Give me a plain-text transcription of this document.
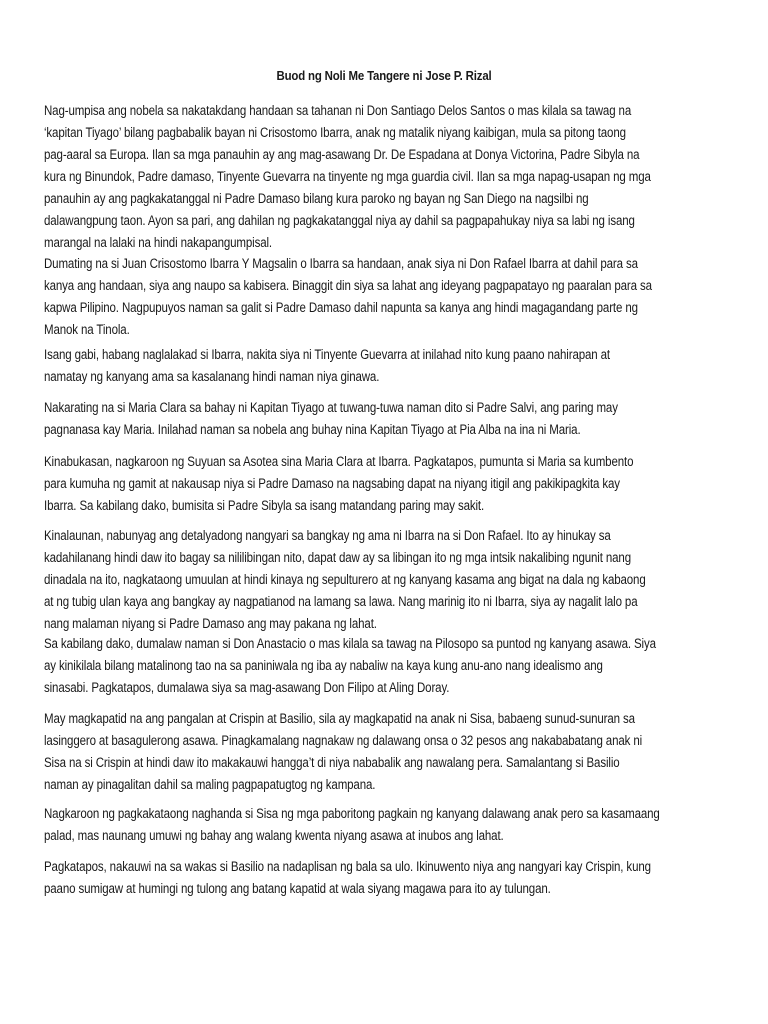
Buod ng Noli Me Tangere ni Jose P. Rizal
Nag-umpisa ang nobela sa nakatakdang handaan sa tahanan ni Don Santiago Delos Santos o mas kilala sa tawag na
‘kapitan Tiyago’ bilang pagbabalik bayan ni Crisostomo Ibarra, anak ng matalik niyang kaibigan, mula sa pitong taong
pag-aaral sa Europa. Ilan sa mga panauhin ay ang mag-asawang Dr. De Espadana at Donya Victorina, Padre Sibyla na
kura ng Binundok, Padre damaso, Tinyente Guevarra na tinyente ng mga guardia civil. Ilan sa mga napag-usapan ng mga
panauhin ay ang pagkakatanggal ni Padre Damaso bilang kura paroko ng bayan ng San Diego na nagsilbi ng
dalawangpung taon. Ayon sa pari, ang dahilan ng pagkakatanggal niya ay dahil sa pagpapahukay niya sa labi ng isang
marangal na lalaki na hindi nakapangumpisal.
Dumating na si Juan Crisostomo Ibarra Y Magsalin o Ibarra sa handaan, anak siya ni Don Rafael Ibarra at dahil para sa
kanya ang handaan, siya ang naupo sa kabisera. Binaggit din siya sa lahat ang ideyang pagpapatayo ng paaralan para sa
kapwa Pilipino. Nagpupuyos naman sa galit si Padre Damaso dahil napunta sa kanya ang hindi magagandang parte ng
Manok na Tinola.
Isang gabi, habang naglalakad si Ibarra, nakita siya ni Tinyente Guevarra at inilahad nito kung paano nahirapan at
namatay ng kanyang ama sa kasalanang hindi naman niya ginawa.
Nakarating na si Maria Clara sa bahay ni Kapitan Tiyago at tuwang-tuwa naman dito si Padre Salvi, ang paring may
pagnanasa kay Maria. Inilahad naman sa nobela ang buhay nina Kapitan Tiyago at Pia Alba na ina ni Maria.
Kinabukasan, nagkaroon ng Suyuan sa Asotea sina Maria Clara at Ibarra. Pagkatapos, pumunta si Maria sa kumbento
para kumuha ng gamit at nakausap niya si Padre Damaso na nagsabing dapat na niyang itigil ang pakikipagkita kay
Ibarra. Sa kabilang dako, bumisita si Padre Sibyla sa isang matandang paring may sakit.
Kinalaunan, nabunyag ang detalyadong nangyari sa bangkay ng ama ni Ibarra na si Don Rafael. Ito ay hinukay sa
kadahilanang hindi daw ito bagay sa nililibingan nito, dapat daw ay sa libingan ito ng mga intsik nakalibing ngunit nang
dinadala na ito, nagkataong umuulan at hindi kinaya ng sepulturero at ng kanyang kasama ang bigat na dala ng kabaong
at ng tubig ulan kaya ang bangkay ay nagpatianod na lamang sa lawa. Nang marinig ito ni Ibarra, siya ay nagalit lalo pa
nang malaman niyang si Padre Damaso ang may pakana ng lahat.
Sa kabilang dako, dumalaw naman si Don Anastacio o mas kilala sa tawag na Pilosopo sa puntod ng kanyang asawa. Siya
ay kinikilala bilang matalinong tao na sa paniniwala ng iba ay nabaliw na kaya kung anu-ano nang idealismo ang
sinasabi. Pagkatapos, dumalawa siya sa mag-asawang Don Filipo at Aling Doray.
May magkapatid na ang pangalan at Crispin at Basilio, sila ay magkapatid na anak ni Sisa, babaeng sunud-sunuran sa
lasinggero at basagulerong asawa. Pinagkamalang nagnakaw ng dalawang onsa o 32 pesos ang nakababatang anak ni
Sisa na si Crispin at hindi daw ito makakauwi hangga’t di niya nababalik ang nawalang pera. Samalantang si Basilio
naman ay pinagalitan dahil sa maling pagpapatugtog ng kampana.
Nagkaroon ng pagkakataong naghanda si Sisa ng mga paboritong pagkain ng kanyang dalawang anak pero sa kasamaang
palad, mas naunang umuwi ng bahay ang walang kwenta niyang asawa at inubos ang lahat.
Pagkatapos, nakauwi na sa wakas si Basilio na nadaplisan ng bala sa ulo. Ikinuwento niya ang nangyari kay Crispin, kung
paano sumigaw at humingi ng tulong ang batang kapatid at wala siyang magawa para ito ay tulungan.
